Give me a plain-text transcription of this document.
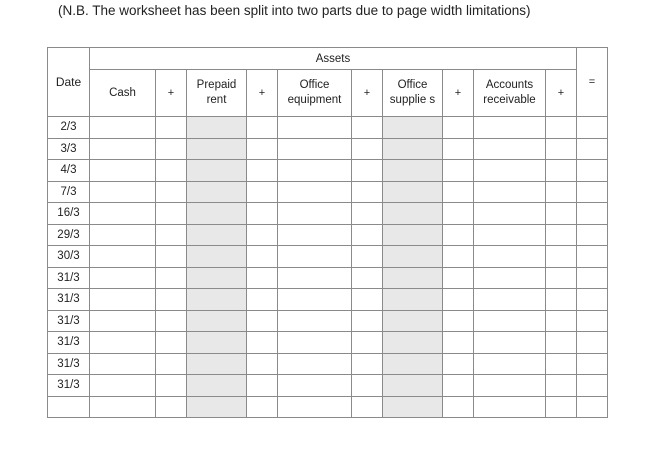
(N.B. The worksheet has been split into two parts due to page width limitations)
Date	Assets										=
	Cash	+	Prepaid rent	+	Office equipment	+	Office supplie s	+	Accounts receivable	+	
2/3											
3/3											
4/3											
7/3											
16/3											
29/3											
30/3											
31/3											
31/3											
31/3											
31/3											
31/3											
31/3											
